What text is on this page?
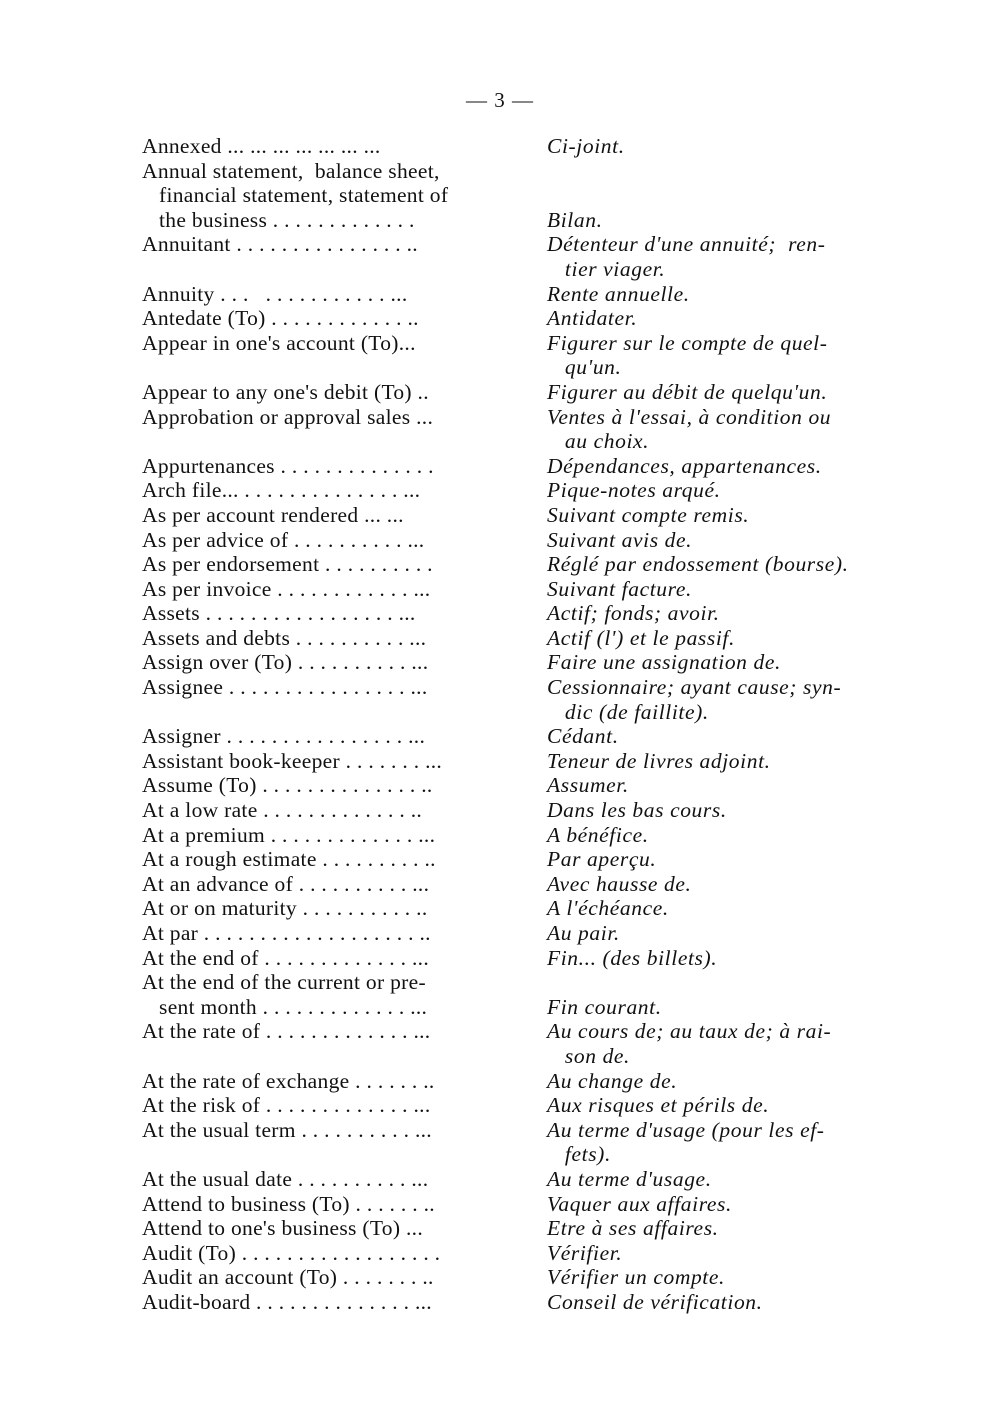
— 3 —
Annexed ... ... ... ... ... ... ...	Ci-joint.
Annual statement,  balance sheet,
financial statement, statement of
the business . . . . . . . . . . . . .

	Bilan.
Annuitant . . . . . . . . . . . . . . . ..	Détenteur d'une annuité;  ren-
tier viager.
Annuity . . .   . . . . . . . . . . . ...	Rente annuelle.
Antedate (To) . . . . . . . . . . . . ..	Antidater.
Appear in one's account (To)...	Figurer sur le compte de quel-
qu'un.
Appear to any one's debit (To) ..	Figurer au débit de quelqu'un.
Approbation or approval sales ...	Ventes à l'essai, à condition ou
au choix.
Appurtenances . . . . . . . . . . . . . .	Dépendances, appartenances.
Arch file... . . . . . . . . . . . . . . ...	Pique-notes arqué.
As per account rendered ... ...	Suivant compte remis.
As per advice of . . . . . . . . . . ...	Suivant avis de.
As per endorsement . . . . . . . . . .	Réglé par endossement (bourse).
As per invoice . . . . . . . . . . . . ...	Suivant facture.
Assets . . . . . . . . . . . . . . . . . ...	Actif; fonds; avoir.
Assets and debts . . . . . . . . . . ...	Actif (l') et le passif.
Assign over (To) . . . . . . . . . . ...	Faire une assignation de.
Assignee . . . . . . . . . . . . . . . . ...	Cessionnaire; ayant cause; syn-
dic (de faillite).
Assigner . . . . . . . . . . . . . . . . ...	Cédant.
Assistant book-keeper . . . . . . . ...	Teneur de livres adjoint.
Assume (To) . . . . . . . . . . . . . . ..	Assumer.
At a low rate . . . . . . . . . . . . . ..	Dans les bas cours.
At a premium . . . . . . . . . . . . . ...	A bénéfice.
At a rough estimate . . . . . . . . . ..	Par aperçu.
At an advance of . . . . . . . . . . ...	Avec hausse de.
At or on maturity . . . . . . . . . . ..	A l'échéance.
At par . . . . . . . . . . . . . . . . . . . ..	Au pair.
At the end of . . . . . . . . . . . . . ...	Fin... (des billets).
At the end of the current or pre-
sent month . . . . . . . . . . . . . ...
	Fin courant.
At the rate of . . . . . . . . . . . . . ...	Au cours de; au taux de; à rai-
son de.
At the rate of exchange . . . . . . ..	Au change de.
At the risk of . . . . . . . . . . . . . ...	Aux risques et périls de.
At the usual term . . . . . . . . . . ...	Au terme d'usage (pour les ef-
fets).
At the usual date . . . . . . . . . . ...	Au terme d'usage.
Attend to business (To) . . . . . . ..	Vaquer aux affaires.
Attend to one's business (To) ...	Etre à ses affaires.
Audit (To) . . . . . . . . . . . . . . . . . .	Vérifier.
Audit an account (To) . . . . . . . ..	Vérifier un compte.
Audit-board . . . . . . . . . . . . . . ...	Conseil de vérification.
